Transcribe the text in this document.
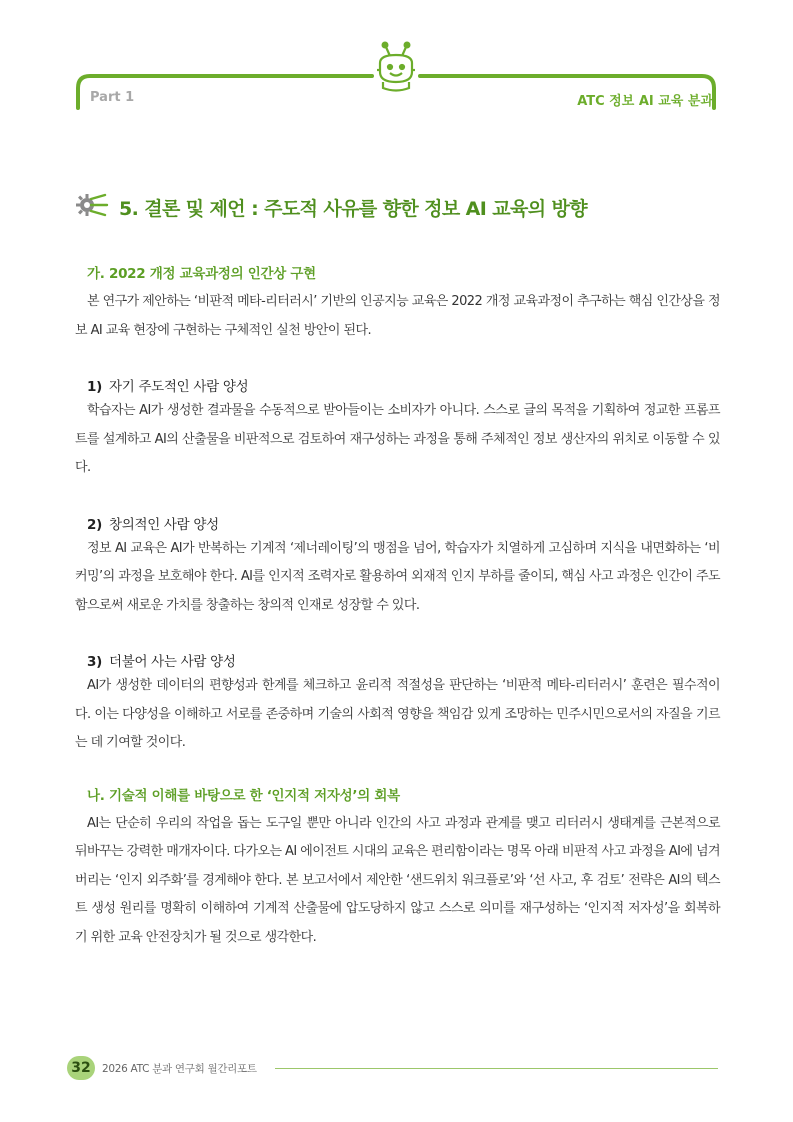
Part 1	ATC 정보 AI 교육 분과
5. 결론 및 제언 : 주도적 사유를 향한 정보 AI 교육의 방향
가. 2022 개정 교육과정의 인간상 구현

본 연구가 제안하는 ‘비판적 메타-리터러시’ 기반의 인공지능 교육은 2022 개정 교육과정이 추구하는 핵심 인간상을 정보 AI 교육 현장에 구현하는 구체적인 실천 방안이 된다.

1) 자기 주도적인 사람 양성

학습자는 AI가 생성한 결과물을 수동적으로 받아들이는 소비자가 아니다. 스스로 글의 목적을 기획하여 정교한 프롬프트를 설계하고 AI의 산출물을 비판적으로 검토하여 재구성하는 과정을 통해 주체적인 정보 생산자의 위치로 이동할 수 있다.

2) 창의적인 사람 양성

정보 AI 교육은 AI가 반복하는 기계적 ‘제너레이팅’의 맹점을 넘어, 학습자가 치열하게 고심하며 지식을 내면화하는 ‘비커밍’의 과정을 보호해야 한다. AI를 인지적 조력자로 활용하여 외재적 인지 부하를 줄이되, 핵심 사고 과정은 인간이 주도함으로써 새로운 가치를 창출하는 창의적 인재로 성장할 수 있다.

3) 더불어 사는 사람 양성

AI가 생성한 데이터의 편향성과 한계를 체크하고 윤리적 적절성을 판단하는 ‘비판적 메타-리터러시’ 훈련은 필수적이다. 이는 다양성을 이해하고 서로를 존중하며 기술의 사회적 영향을 책임감 있게 조망하는 민주시민으로서의 자질을 기르는 데 기여할 것이다.

나. 기술적 이해를 바탕으로 한 ‘인지적 저자성’의 회복

AI는 단순히 우리의 작업을 돕는 도구일 뿐만 아니라 인간의 사고 과정과 관계를 맺고 리터러시 생태계를 근본적으로 뒤바꾸는 강력한 매개자이다. 다가오는 AI 에이전트 시대의 교육은 편리함이라는 명목 아래 비판적 사고 과정을 AI에 넘겨버리는 ‘인지 외주화’를 경계해야 한다. 본 보고서에서 제안한 ‘샌드위치 워크플로’와 ‘선 사고, 후 검토’ 전략은 AI의 텍스트 생성 원리를 명확히 이해하여 기계적 산출물에 압도당하지 않고 스스로 의미를 재구성하는 ‘인지적 저자성’을 회복하기 위한 교육 안전장치가 될 것으로 생각한다.

32	2026 ATC 분과 연구회 월간리포트
